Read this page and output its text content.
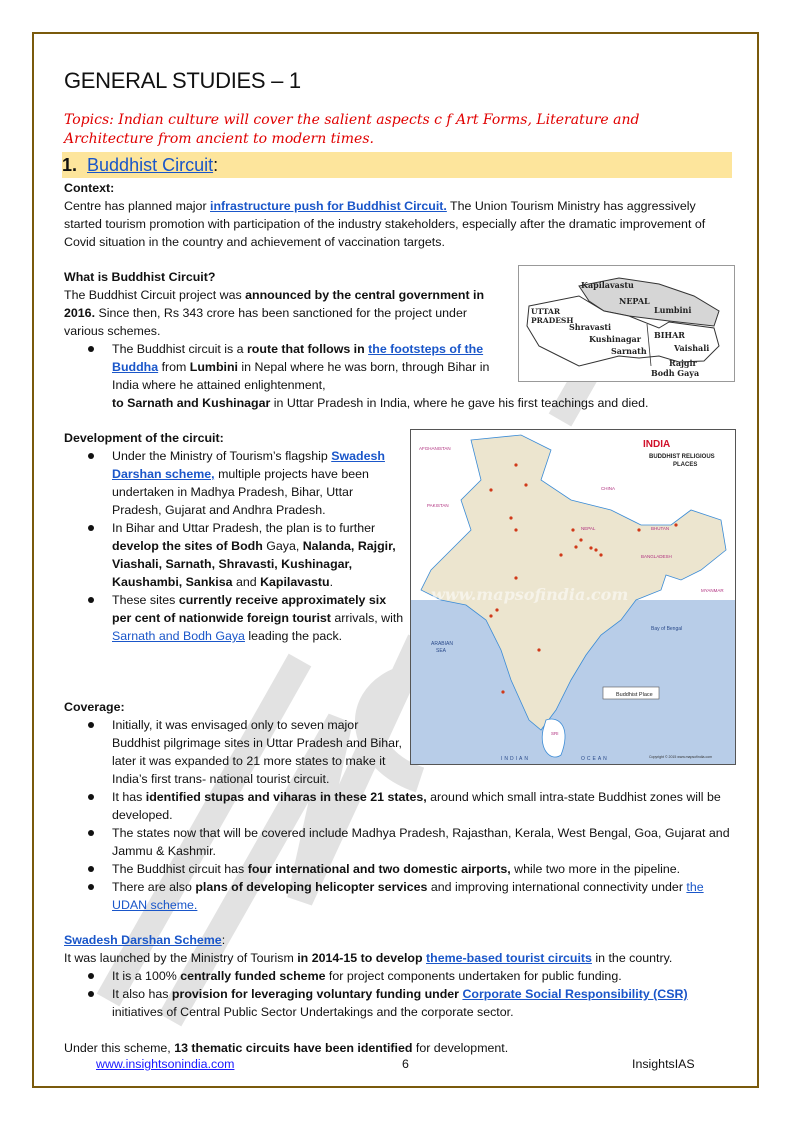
GENERAL STUDIES – 1
Topics: Indian culture will cover the salient aspects c f Art Forms, Literature and Architecture from ancient to modern times.
1. Buddhist Circuit:
Context:
Centre has planned major infrastructure push for Buddhist Circuit. The Union Tourism Ministry has aggressively started tourism promotion with participation of the industry stakeholders, especially after the dramatic improvement of Covid situation in the country and achievement of vaccination targets.
What is Buddhist Circuit?
The Buddhist Circuit project was announced by the central government in 2016. Since then, Rs 343 crore has been sanctioned for the project under various schemes.
The Buddhist circuit is a route that follows in the footsteps of the Buddha from Lumbini in Nepal where he was born, through Bihar in India where he attained enlightenment,
to Sarnath and Kushinagar in Uttar Pradesh in India, where he gave his first teachings and died.
Kapilavastu
NEPAL
Lumbini
UTTAR
PRADESH
Shravasti
Kushinagar BIHAR
Vaishali
Sarnath
Rajgir
Bodh Gaya
Development of the circuit:
Under the Ministry of Tourism’s flagship Swadesh Darshan scheme, multiple projects have been undertaken in Madhya Pradesh, Bihar, Uttar Pradesh, Gujarat and Andhra Pradesh.
In Bihar and Uttar Pradesh, the plan is to further develop the sites of Bodh Gaya, Nalanda, Rajgir, Viashali, Sarnath, Shravasti, Kushinagar, Kaushambi, Sankisa and Kapilavastu.
These sites currently receive approximately six per cent of nationwide foreign tourist arrivals, with Sarnath and Bodh Gaya leading the pack.
INDIA
BUDDHIST RELIGIOUS
PLACES
AFGHANISTAN
PAKISTAN
CHINA
NEPAL	BHUTAN
BANGLADESH
MYANMAR
SRI
ARABIAN
SEA
Bay of Bengal
INDIAN	OCEAN
www.mapsofindia.com
Buddhist Place
Copyright © 2015 www.mapsofindia.com
Coverage:
Initially, it was envisaged only to seven major Buddhist pilgrimage sites in Uttar Pradesh and Bihar, later it was expanded to 21 more states to make it India’s first trans- national tourist circuit.
It has identified stupas and viharas in these 21 states, around which small intra-state Buddhist zones will be developed.
The states now that will be covered include Madhya Pradesh, Rajasthan, Kerala, West Bengal, Goa, Gujarat and Jammu & Kashmir.
The Buddhist circuit has four international and two domestic airports, while two more in the pipeline.
There are also plans of developing helicopter services and improving international connectivity under the UDAN scheme.
Swadesh Darshan Scheme:
It was launched by the Ministry of Tourism in 2014-15 to develop theme-based tourist circuits in the country.
It is a 100% centrally funded scheme for project components undertaken for public funding.
It also has provision for leveraging voluntary funding under Corporate Social Responsibility (CSR) initiatives of Central Public Sector Undertakings and the corporate sector.
Under this scheme, 13 thematic circuits have been identified for development.
www.insightsonindia.com	6	InsightsIAS
